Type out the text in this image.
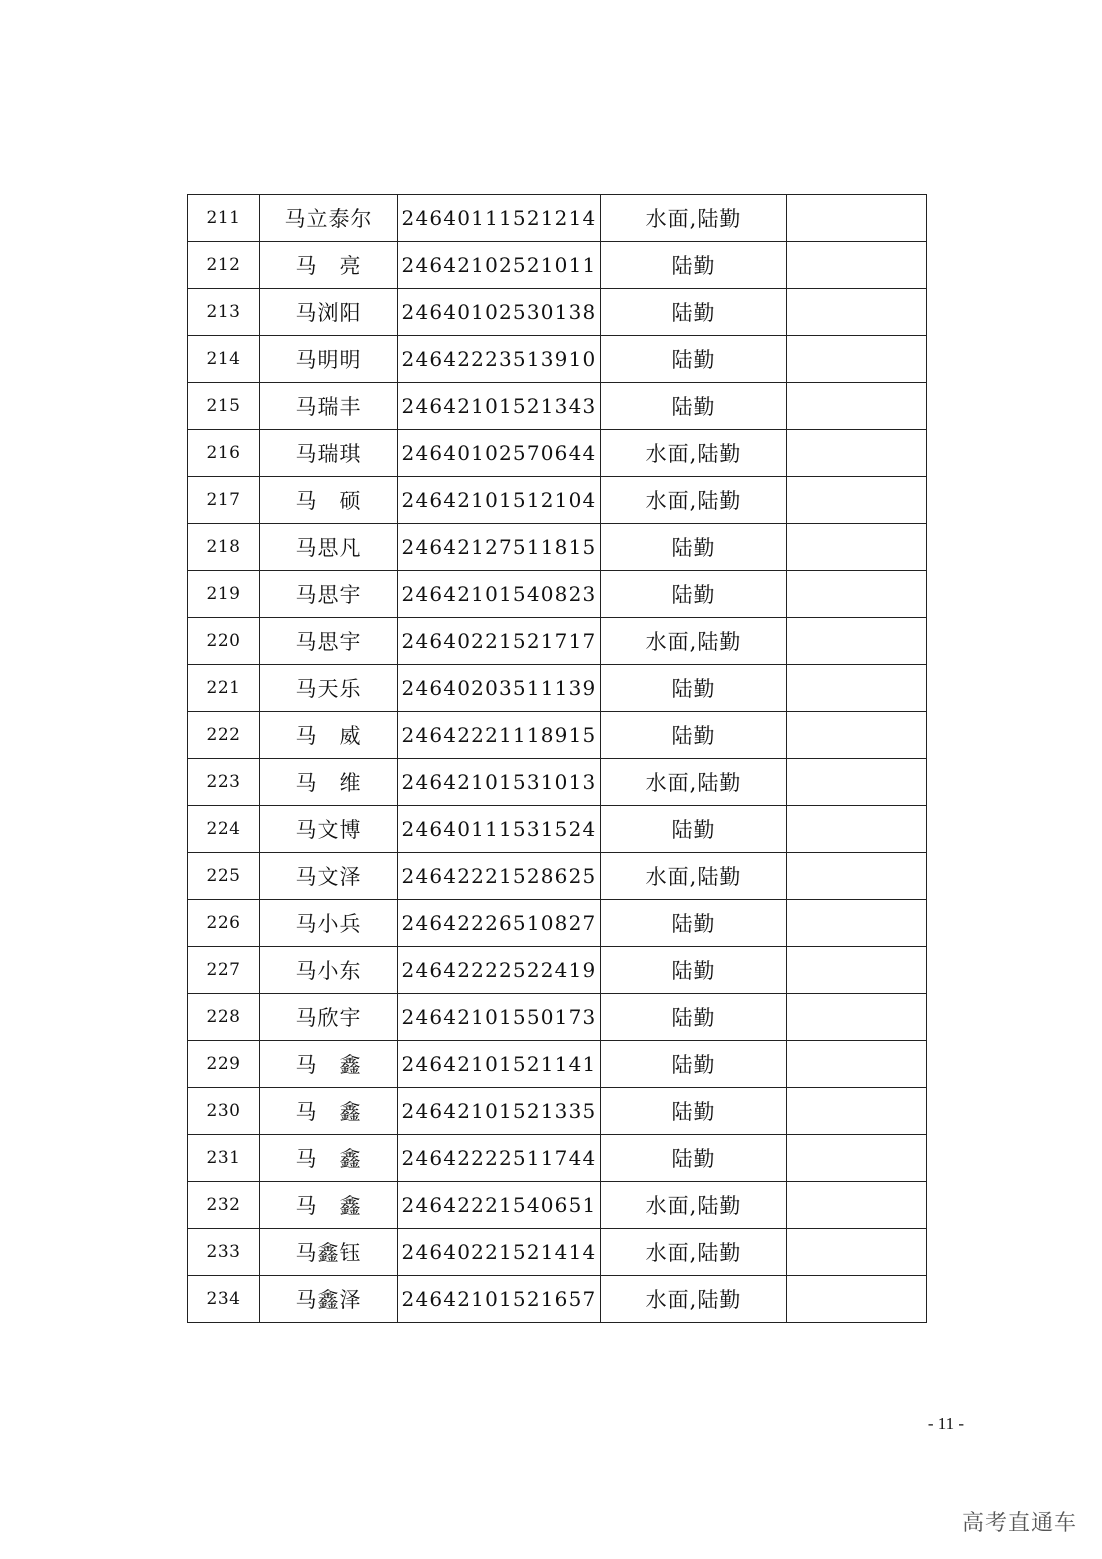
211	马立泰尔	24640111521214	水面,陆勤	
212	马　亮	24642102521011	陆勤	
213	马浏阳	24640102530138	陆勤	
214	马明明	24642223513910	陆勤	
215	马瑞丰	24642101521343	陆勤	
216	马瑞琪	24640102570644	水面,陆勤	
217	马　硕	24642101512104	水面,陆勤	
218	马思凡	24642127511815	陆勤	
219	马思宇	24642101540823	陆勤	
220	马思宇	24640221521717	水面,陆勤	
221	马天乐	24640203511139	陆勤	
222	马　威	24642221118915	陆勤	
223	马　维	24642101531013	水面,陆勤	
224	马文博	24640111531524	陆勤	
225	马文泽	24642221528625	水面,陆勤	
226	马小兵	24642226510827	陆勤	
227	马小东	24642222522419	陆勤	
228	马欣宇	24642101550173	陆勤	
229	马　鑫	24642101521141	陆勤	
230	马　鑫	24642101521335	陆勤	
231	马　鑫	24642222511744	陆勤	
232	马　鑫	24642221540651	水面,陆勤	
233	马鑫钰	24640221521414	水面,陆勤	
234	马鑫泽	24642101521657	水面,陆勤	
- 11 -
高考直通车
